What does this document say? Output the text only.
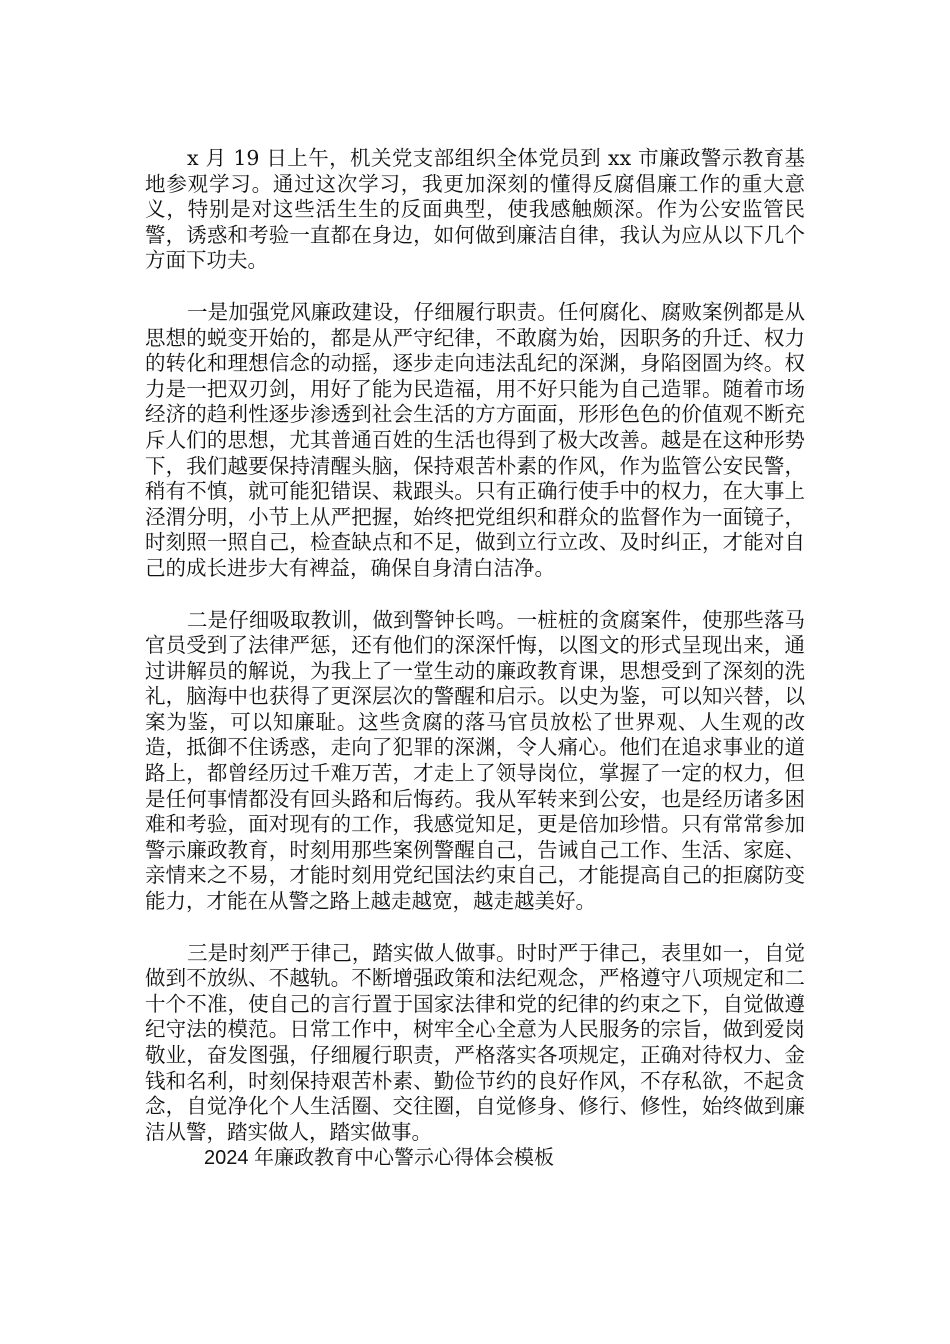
x 月 19 日上午，机关党支部组织全体党员到 xx 市廉政警示教育基地参观学习。通过这次学习，我更加深刻的懂得反腐倡廉工作的重大意义，特别是对这些活生生的反面典型，使我感触颇深。作为公安监管民警，诱惑和考验一直都在身边，如何做到廉洁自律，我认为应从以下几个方面下功夫。

一是加强党风廉政建设，仔细履行职责。任何腐化、腐败案例都是从思想的蜕变开始的，都是从严守纪律，不敢腐为始，因职务的升迁、权力的转化和理想信念的动摇，逐步走向违法乱纪的深渊，身陷囹圄为终。权力是一把双刃剑，用好了能为民造福，用不好只能为自己造罪。随着市场经济的趋利性逐步渗透到社会生活的方方面面，形形色色的价值观不断充斥人们的思想，尤其普通百姓的生活也得到了极大改善。越是在这种形势下，我们越要保持清醒头脑，保持艰苦朴素的作风，作为监管公安民警，稍有不慎，就可能犯错误、栽跟头。只有正确行使手中的权力，在大事上泾渭分明，小节上从严把握，始终把党组织和群众的监督作为一面镜子，时刻照一照自己，检查缺点和不足，做到立行立改、及时纠正，才能对自己的成长进步大有裨益，确保自身清白洁净。

二是仔细吸取教训，做到警钟长鸣。一桩桩的贪腐案件，使那些落马官员受到了法律严惩，还有他们的深深忏悔，以图文的形式呈现出来，通过讲解员的解说，为我上了一堂生动的廉政教育课，思想受到了深刻的洗礼，脑海中也获得了更深层次的警醒和启示。以史为鉴，可以知兴替，以案为鉴，可以知廉耻。这些贪腐的落马官员放松了世界观、人生观的改造，抵御不住诱惑，走向了犯罪的深渊，令人痛心。他们在追求事业的道路上，都曾经历过千难万苦，才走上了领导岗位，掌握了一定的权力，但是任何事情都没有回头路和后悔药。我从军转来到公安，也是经历诸多困难和考验，面对现有的工作，我感觉知足，更是倍加珍惜。只有常常参加警示廉政教育，时刻用那些案例警醒自己，告诫自己工作、生活、家庭、亲情来之不易，才能时刻用党纪国法约束自己，才能提高自己的拒腐防变能力，才能在从警之路上越走越宽，越走越美好。

三是时刻严于律己，踏实做人做事。时时严于律己，表里如一，自觉做到不放纵、不越轨。不断增强政策和法纪观念，严格遵守八项规定和二十个不准，使自己的言行置于国家法律和党的纪律的约束之下，自觉做遵纪守法的模范。日常工作中，树牢全心全意为人民服务的宗旨，做到爱岗敬业，奋发图强，仔细履行职责，严格落实各项规定，正确对待权力、金钱和名利，时刻保持艰苦朴素、勤俭节约的良好作风，不存私欲，不起贪念，自觉净化个人生活圈、交往圈，自觉修身、修行、修性，始终做到廉洁从警，踏实做人，踏实做事。

2024 年廉政教育中心警示心得体会模板
